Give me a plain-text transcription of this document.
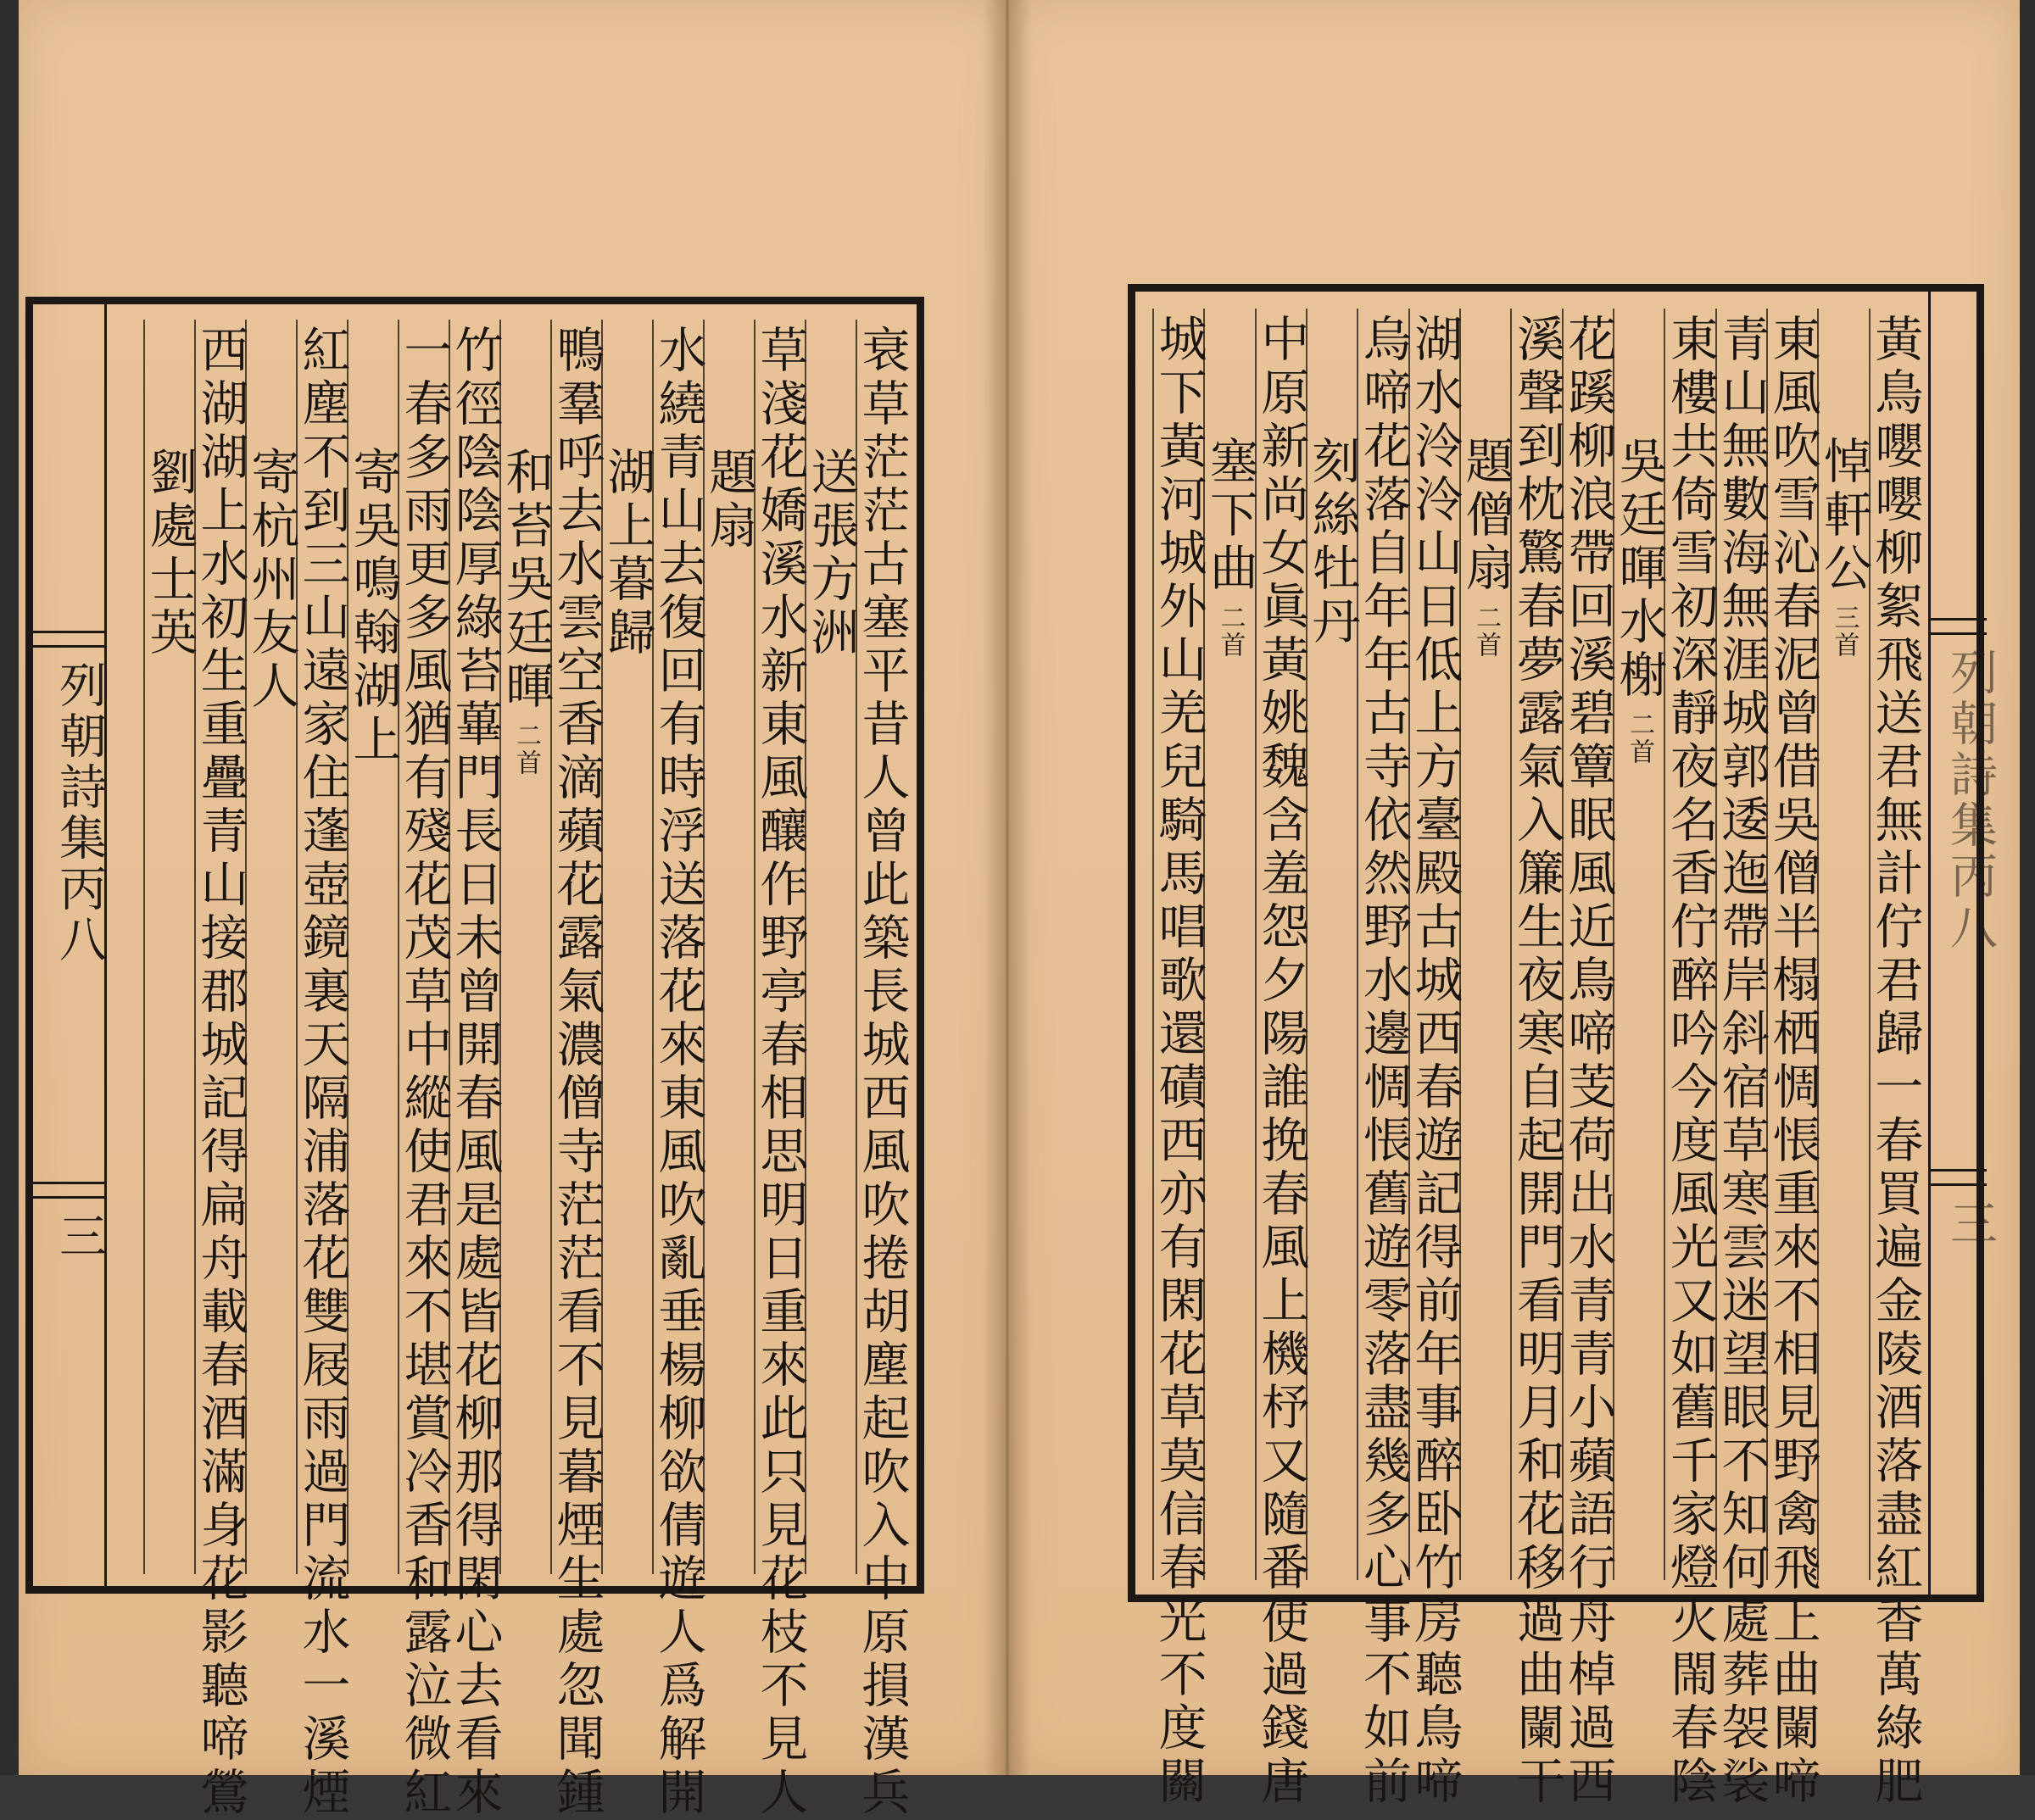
衰草茫茫古塞平昔人曾此築長城西風吹捲胡塵起吹入中原損漢兵
送張方洲
草淺花嬌溪水新東風釀作野亭春相思明日重來此只見花枝不見人
題扇
水繞青山去復回有時浮送落花來東風吹亂垂楊柳欲倩遊人爲解開
湖上暮歸
鴨羣呼去水雲空香滴蘋花露氣濃僧寺茫茫看不見暮煙生處忽聞鍾
和苔吳廷暉
二首
竹徑陰陰厚綠苔蓽門長日未曾開春風是處皆花柳那得閑心去看來
一春多雨更多風猶有殘花茂草中縱使君來不堪賞冷香和露泣微紅
寄吳鳴翰湖上
紅塵不到三山遠家住蓬壺鏡裏天隔浦落花雙屐雨過門流水一溪煙
寄杭州友人
西湖湖上水初生重疊青山接郡城記得扁舟載春酒滿身花影聽啼鶯
劉處士英
列朝詩集丙八
三	黃鳥嚶嚶柳絮飛送君無計佇君歸一春買遍金陵酒落盡紅香萬綠肥
悼軒公
三首
東風吹雪沁春泥曾借吳僧半榻栖惆悵重來不相見野禽飛上曲闌啼
青山無數海無涯城郭逶迤帶岸斜宿草寒雲迷望眼不知何處葬袈裟
東樓共倚雪初深靜夜名香佇醉吟今度風光又如舊千家燈火閙春陰
吳廷暉水榭
二首
花蹊柳浪帶回溪碧簟眠風近鳥啼芰荷出水青青小蘋語行舟棹過西
溪聲到枕驚春夢露氣入簾生夜寒自起開門看明月和花移過曲闌干
題僧扇
二首
湖水泠泠山日低上方臺殿古城西春遊記得前年事醉卧竹房聽鳥啼
烏啼花落自年年古寺依然野水邊惆悵舊遊零落盡幾多心事不如前
刻絲牡丹
中原新尚女眞黃姚魏含羞怨夕陽誰挽春風上機杼又隨番使過錢唐
塞下曲
二首
城下黃河城外山羌兒騎馬唱歌還磧西亦有閑花草莫信春光不度關	列朝詩集丙八
三
